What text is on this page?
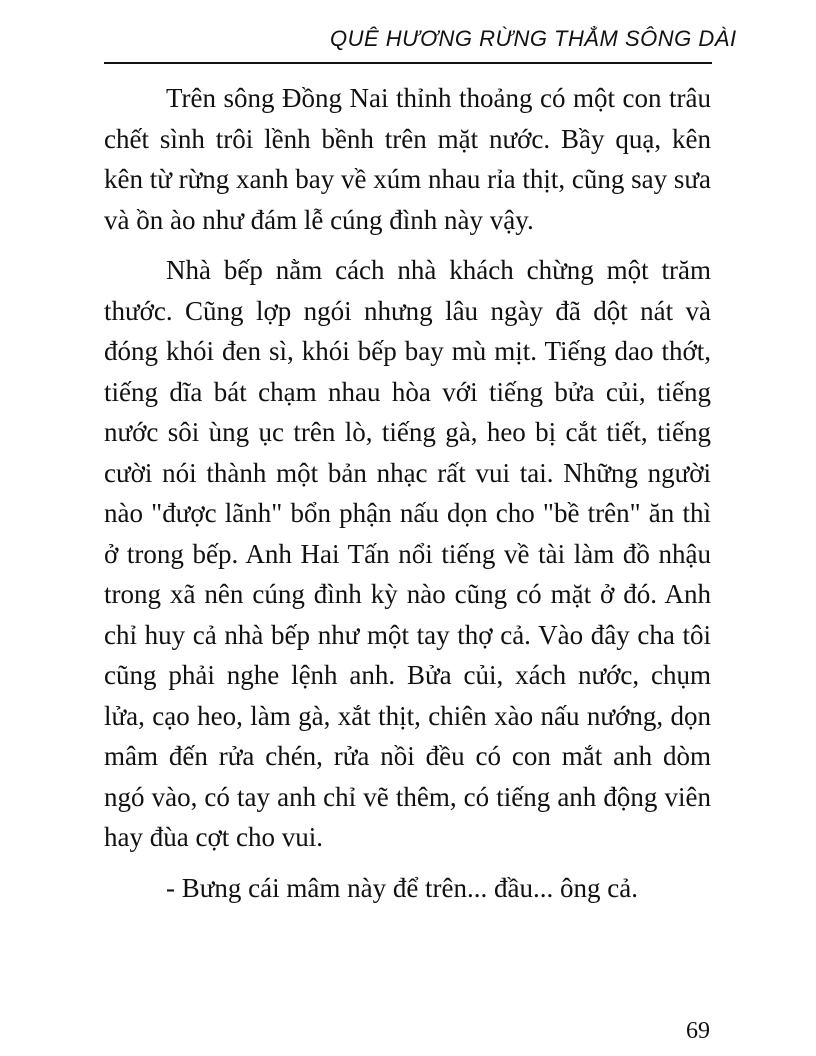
QUÊ HƯƠNG RỪNG THẲM SÔNG DÀI

Trên sông Đồng Nai thỉnh thoảng có một con trâu chết sình trôi lềnh bềnh trên mặt nước. Bầy quạ, kên kên từ rừng xanh bay về xúm nhau rỉa thịt, cũng say sưa và ồn ào như đám lễ cúng đình này vậy.

Nhà bếp nằm cách nhà khách chừng một trăm thước. Cũng lợp ngói nhưng lâu ngày đã dột nát và đóng khói đen sì, khói bếp bay mù mịt. Tiếng dao thớt, tiếng dĩa bát chạm nhau hòa với tiếng bửa củi, tiếng nước sôi ùng ục trên lò, tiếng gà, heo bị cắt tiết, tiếng cười nói thành một bản nhạc rất vui tai. Những người nào "được lãnh" bổn phận nấu dọn cho "bề trên" ăn thì ở trong bếp. Anh Hai Tấn nổi tiếng về tài làm đồ nhậu trong xã nên cúng đình kỳ nào cũng có mặt ở đó. Anh chỉ huy cả nhà bếp như một tay thợ cả. Vào đây cha tôi cũng phải nghe lệnh anh. Bửa củi, xách nước, chụm lửa, cạo heo, làm gà, xắt thịt, chiên xào nấu nướng, dọn mâm đến rửa chén, rửa nồi đều có con mắt anh dòm ngó vào, có tay anh chỉ vẽ thêm, có tiếng anh động viên hay đùa cợt cho vui.

- Bưng cái mâm này để trên... đầu... ông cả.

69
